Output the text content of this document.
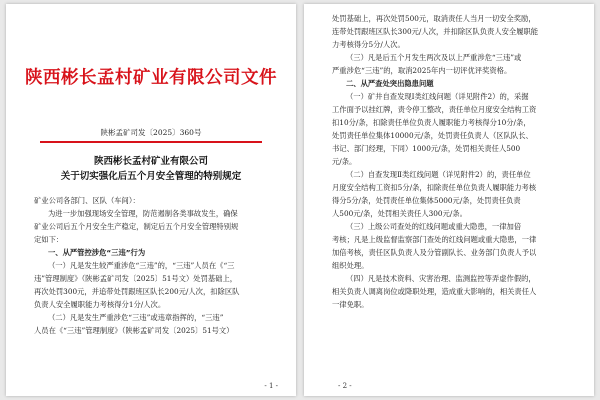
陕西彬长孟村矿业有限公司文件
陕彬孟矿司发〔2025〕360号
陕西彬长孟村矿业有限公司
关于切实强化后五个月安全管理的特别规定
矿业公司各部门、区队（车间）：
为进一步加强现场安全管理，防范遏制各类事故发生，确保
矿业公司后五个月安全生产稳定，制定后五个月安全管理特别规
定如下：
一、从严管控涉危“三违”行为
（一）凡是发生较严重涉危“三违”的，“三违”人员在《“三
违”管理制度》（陕彬孟矿司发〔2025〕51号文）处罚基础上，
再次处罚300元，并追带处罚跟班区队长200元/人次，扣除区队
负责人安全履职能力考核得分1分/人次。
（二）凡是发生严重涉危“三违”或违章指挥的，“三违”
人员在《“三违”管理制度》（陕彬孟矿司发〔2025〕51号文）
- 1 -
处罚基础上，再次处罚500元，取消责任人当月一切安全奖励，
连带处罚跟班区队长300元/人次，并扣除区队负责人安全履职能
力考核得分5分/人次。
（三）凡是后五个月发生两次及以上严重涉危“三违”或
严重涉危“三违”的，取消2025年内一切评优评奖资格。
二、从严查处突出隐患问题
（一）矿井自查发现Ⅰ类红线问题（详见附件2）的，采掘
工作面予以挂红牌，责令停工整改，责任单位月度安全结构工资
扣10分/条，扣除责任单位负责人履职能力考核得分10分/条，
处罚责任单位集体10000元/条，处罚责任负责人（区队队长、
书记、部门经理，下同）1000元/条，处罚相关责任人500
元/条。
（二）自查发现Ⅱ类红线问题（详见附件2）的，责任单位
月度安全结构工资扣5分/条，扣除责任单位负责人履职能力考核
得分5分/条，处罚责任单位集体5000元/条，处罚责任负责
人500元/条，处罚相关责任人300元/条。
（三）上级公司查处的红线问题或重大隐患，一律加倍
考核；凡是上级监督监察部门查处的红线问题或重大隐患，一律
加倍考核，责任区队负责人及分管副队长、业务部门负责人予以
组织处理。
（四）凡是技术资料、灾害治理、监测监控等弄虚作假的，
相关负责人调离岗位或降职处理，造成重大影响的，相关责任人
一律免职。
- 2 -
